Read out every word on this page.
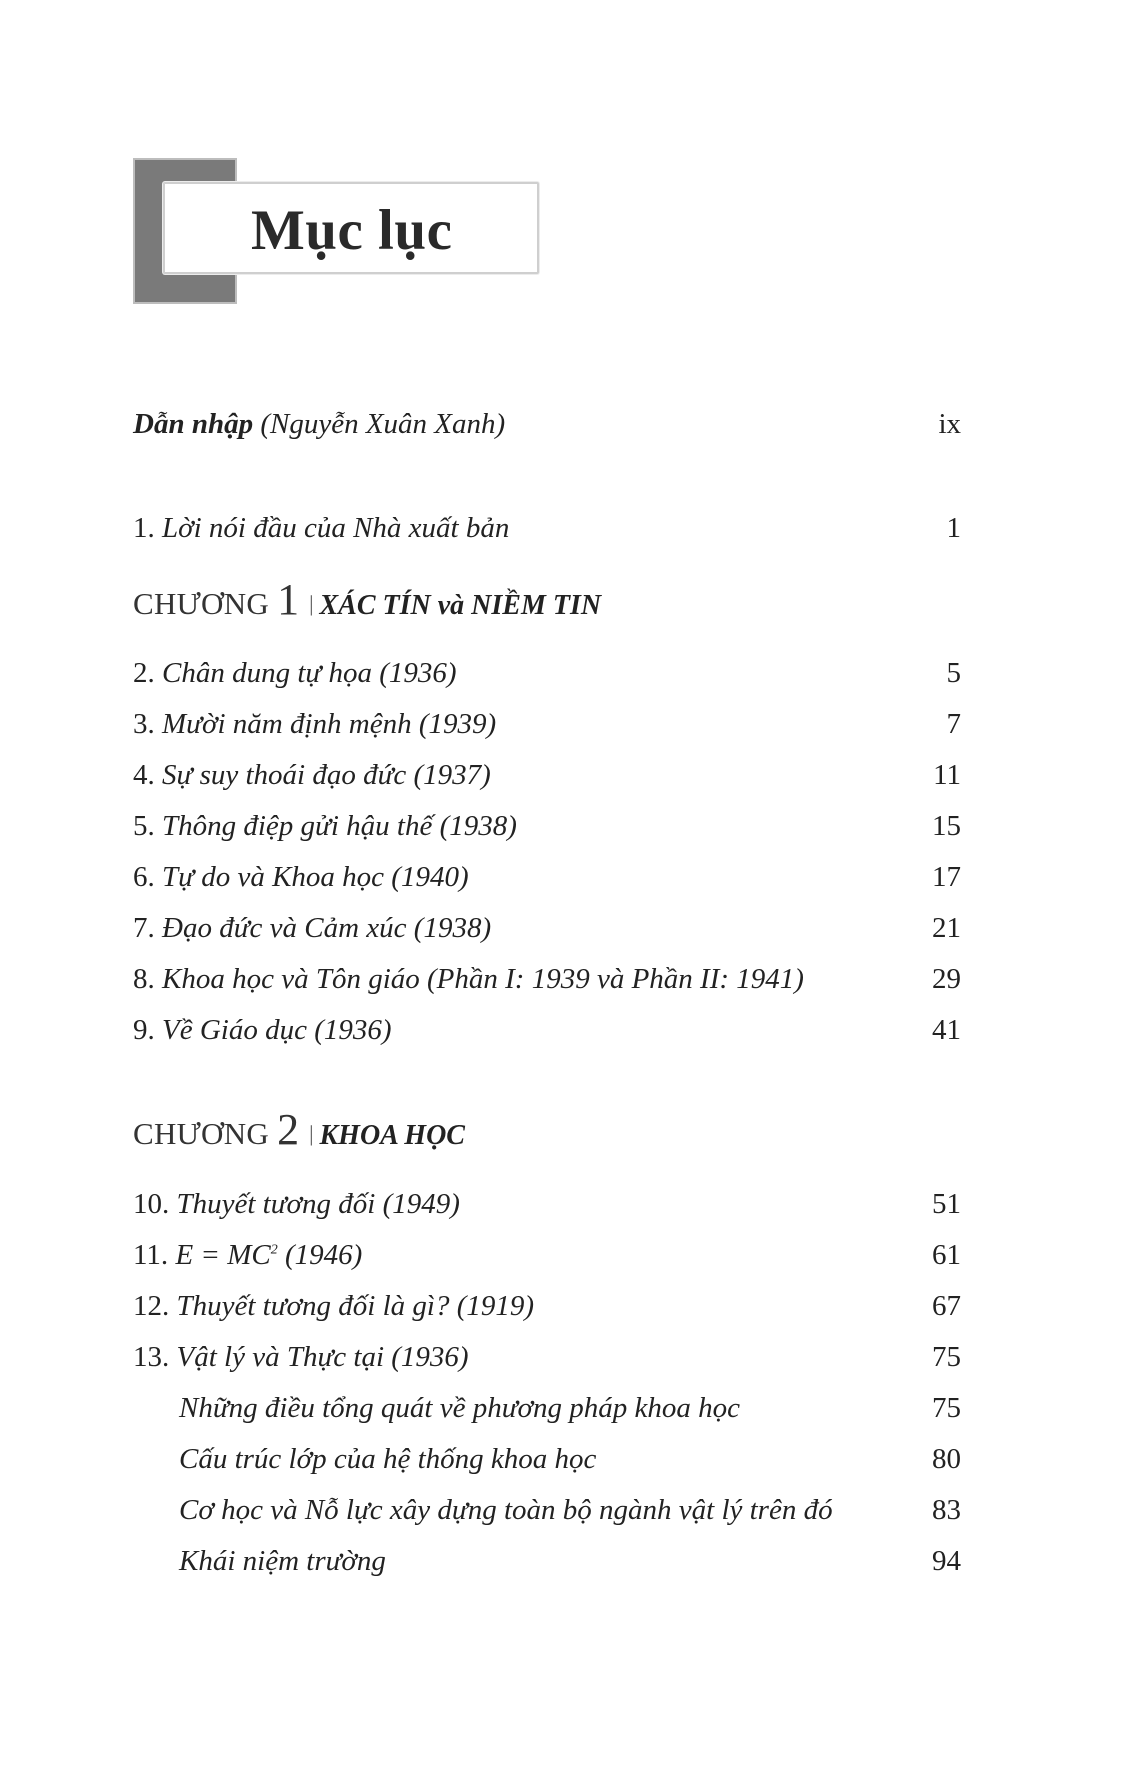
Mục lục
Dẫn nhập (Nguyễn Xuân Xanh)	ix
1. Lời nói đầu của Nhà xuất bản	1
CHƯƠNG 1 | XÁC TÍN và NIỀM TIN
2. Chân dung tự họa (1936)	5
3. Mười năm định mệnh (1939)	7
4. Sự suy thoái đạo đức (1937)	11
5. Thông điệp gửi hậu thế (1938)	15
6. Tự do và Khoa học (1940)	17
7. Đạo đức và Cảm xúc (1938)	21
8. Khoa học và Tôn giáo (Phần I: 1939 và Phần II: 1941)	29
9. Về Giáo dục (1936)	41
CHƯƠNG 2 | KHOA HỌC
10. Thuyết tương đối (1949)	51
11. $E = MC^2$ (1946)	61
12. Thuyết tương đối là gì? (1919)	67
13. Vật lý và Thực tại (1936)	75
Những điều tổng quát về phương pháp khoa học	75
Cấu trúc lớp của hệ thống khoa học	80
Cơ học và Nỗ lực xây dựng toàn bộ ngành vật lý trên đó	83
Khái niệm trường	94
